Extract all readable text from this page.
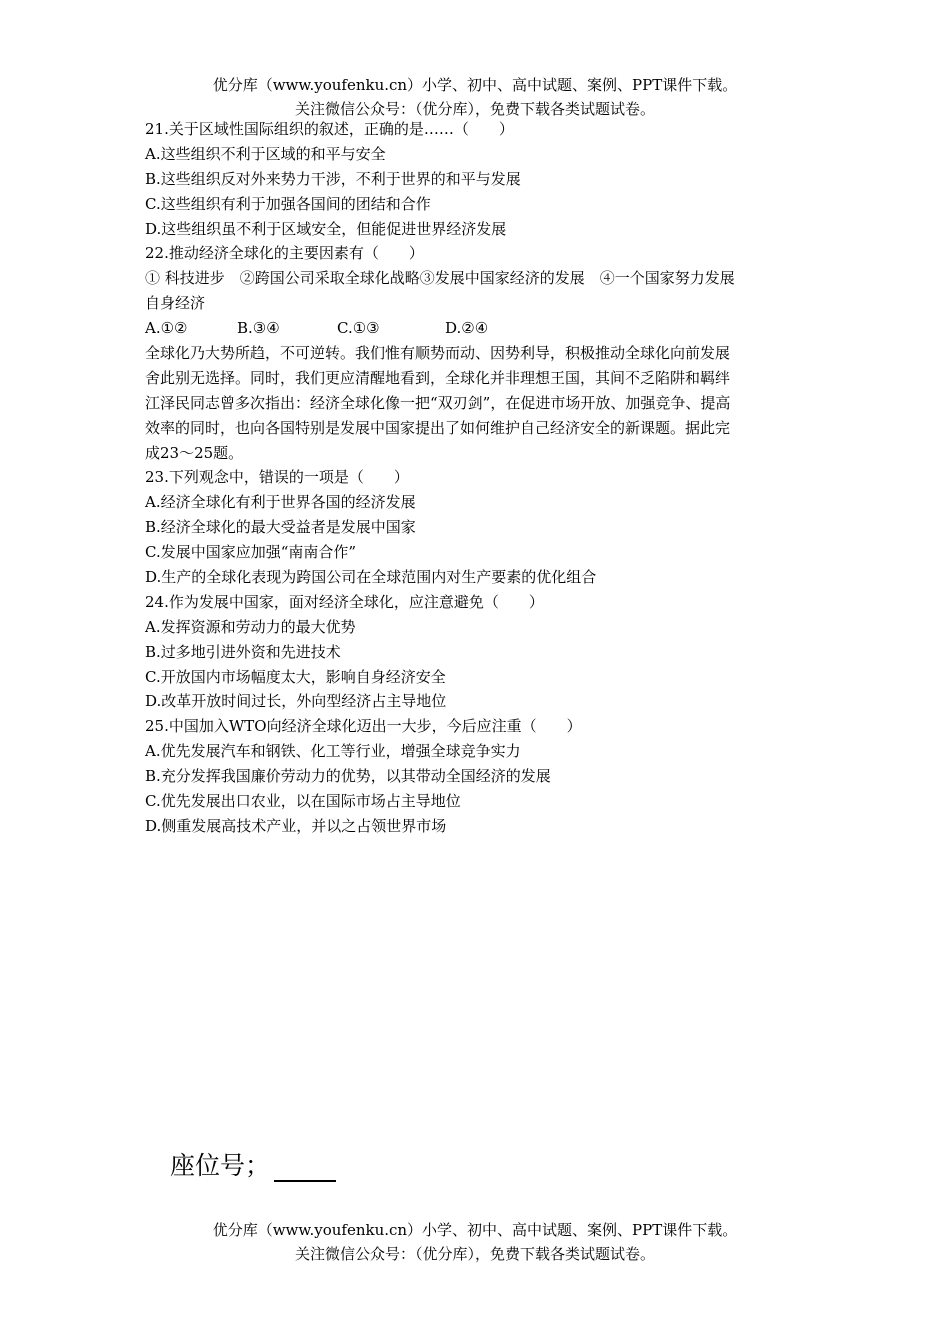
优分库（www.youfenku.cn）小学、初中、高中试题、案例、PPT课件下载。
关注微信公众号：（优分库），免费下载各类试题试卷。
21.关于区域性国际组织的叙述，正确的是……（　　）
A.这些组织不利于区域的和平与安全
B.这些组织反对外来势力干涉，不利于世界的和平与发展
C.这些组织有利于加强各国间的团结和合作
D.这些组织虽不利于区域安全，但能促进世界经济发展
22.推动经济全球化的主要因素有（　　）
① 科技进步　②跨国公司采取全球化战略③发展中国家经济的发展　④一个国家努力发展
自身经济
A.①②	B.③④	C.①③	D.②④
全球化乃大势所趋，不可逆转。我们惟有顺势而动、因势利导，积极推动全球化向前发展
舍此别无选择。同时，我们更应清醒地看到，全球化并非理想王国，其间不乏陷阱和羁绊
江泽民同志曾多次指出：经济全球化像一把“双刃剑”，在促进市场开放、加强竞争、提高
效率的同时，也向各国特别是发展中国家提出了如何维护自己经济安全的新课题。据此完
成23～25题。
23.下列观念中，错误的一项是（　　）
A.经济全球化有利于世界各国的经济发展
B.经济全球化的最大受益者是发展中国家
C.发展中国家应加强“南南合作”
D.生产的全球化表现为跨国公司在全球范围内对生产要素的优化组合
24.作为发展中国家，面对经济全球化，应注意避免（　　）
A.发挥资源和劳动力的最大优势
B.过多地引进外资和先进技术
C.开放国内市场幅度太大，影响自身经济安全
D.改革开放时间过长，外向型经济占主导地位
25.中国加入WTO向经济全球化迈出一大步，今后应注重（　　）
A.优先发展汽车和钢铁、化工等行业，增强全球竞争实力
B.充分发挥我国廉价劳动力的优势，以其带动全国经济的发展
C.优先发展出口农业，以在国际市场占主导地位
D.侧重发展高技术产业，并以之占领世界市场
座位号；
优分库（www.youfenku.cn）小学、初中、高中试题、案例、PPT课件下载。
关注微信公众号：（优分库），免费下载各类试题试卷。
